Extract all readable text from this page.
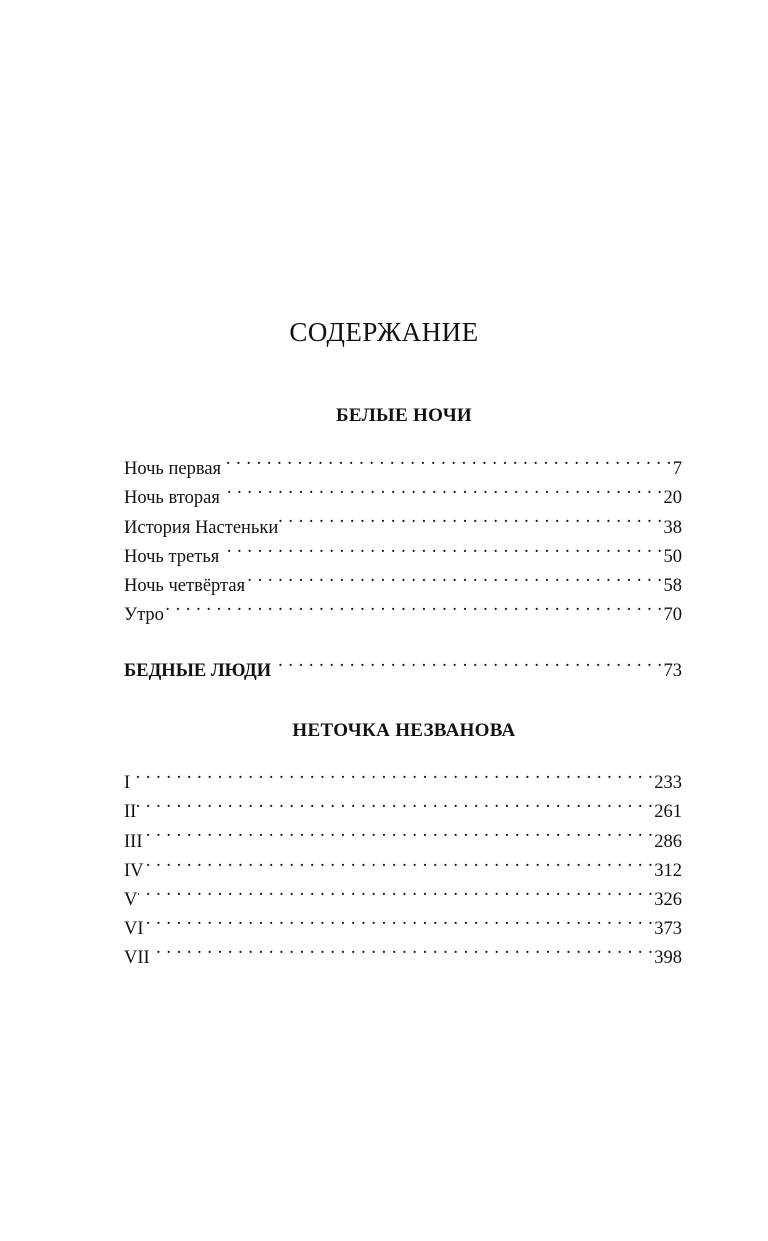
СОДЕРЖАНИЕ
БЕЛЫЕ НОЧИ
Ночь первая . . .	7
Ночь вторая . . .	20
История Настеньки . . .	38
Ночь третья . . .	50
Ночь четвёртая . . .	58
Утро . . .	70
БЕДНЫЕ ЛЮДИ . . .	73
НЕТОЧКА НЕЗВАНОВА
I . . .	233
II . . .	261
III . . .	286
IV . . .	312
V . . .	326
VI . . .	373
VII . . .	398
